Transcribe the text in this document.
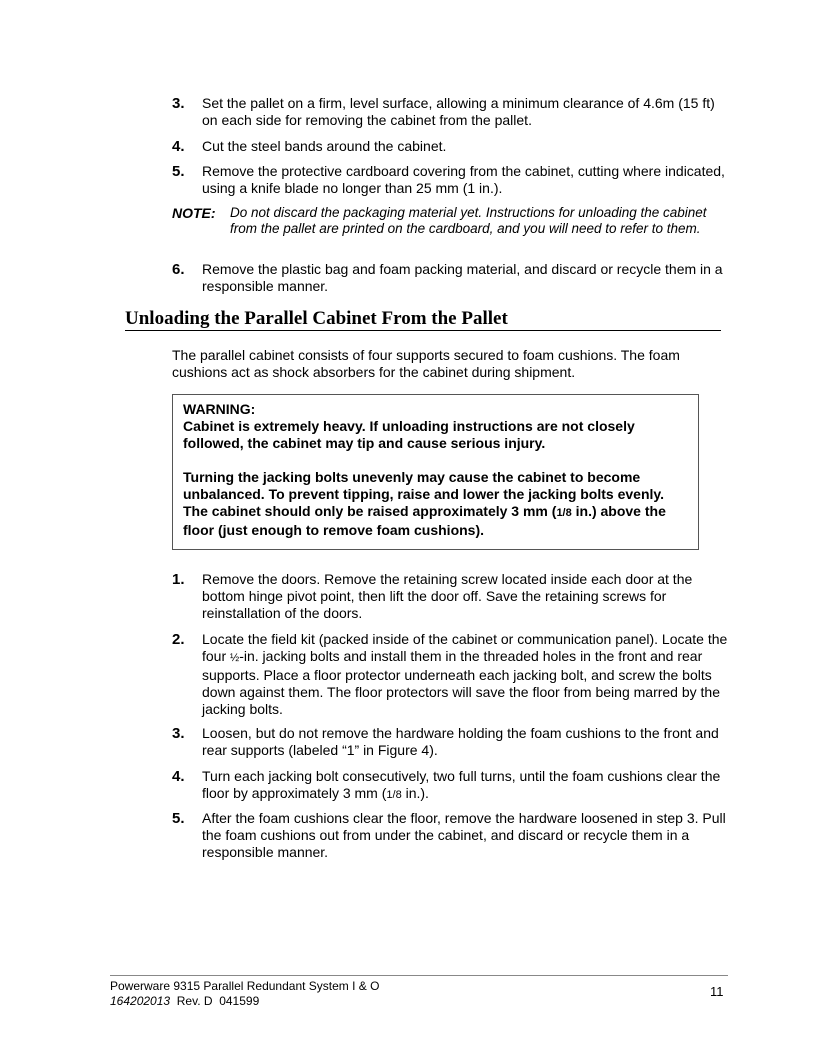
3.	Set the pallet on a firm, level surface, allowing a minimum clearance of 4.6m (15 ft) on each side for removing the cabinet from the pallet.
4.	Cut the steel bands around the cabinet.
5.	Remove the protective cardboard covering from the cabinet, cutting where indicated, using a knife blade no longer than 25 mm (1 in.).
NOTE: Do not discard the packaging material yet. Instructions for unloading the cabinet from the pallet are printed on the cardboard, and you will need to refer to them.
6.	Remove the plastic bag and foam packing material, and discard or recycle them in a responsible manner.
Unloading the Parallel Cabinet From the Pallet
The parallel cabinet consists of four supports secured to foam cushions. The foam cushions act as shock absorbers for the cabinet during shipment.

WARNING:

Cabinet is extremely heavy. If unloading instructions are not closely followed, the cabinet may tip and cause serious injury.

Turning the jacking bolts unevenly may cause the cabinet to become unbalanced. To prevent tipping, raise and lower the jacking bolts evenly. The cabinet should only be raised approximately 3 mm (1/8 in.) above the floor (just enough to remove foam cushions).

1.	Remove the doors. Remove the retaining screw located inside each door at the bottom hinge pivot point, then lift the door off. Save the retaining screws for reinstallation of the doors.
2.	Locate the field kit (packed inside of the cabinet or communication panel). Locate the four ½-in. jacking bolts and install them in the threaded holes in the front and rear supports. Place a floor protector underneath each jacking bolt, and screw the bolts down against them. The floor protectors will save the floor from being marred by the jacking bolts.
3.	Loosen, but do not remove the hardware holding the foam cushions to the front and rear supports (labeled “1” in Figure 4).
4.	Turn each jacking bolt consecutively, two full turns, until the foam cushions clear the floor by approximately 3 mm (1/8 in.).
5.	After the foam cushions clear the floor, remove the hardware loosened in step 3. Pull the foam cushions out from under the cabinet, and discard or recycle them in a responsible manner.
Powerware 9315 Parallel Redundant System I & O
164202013  Rev. D  041599
11
